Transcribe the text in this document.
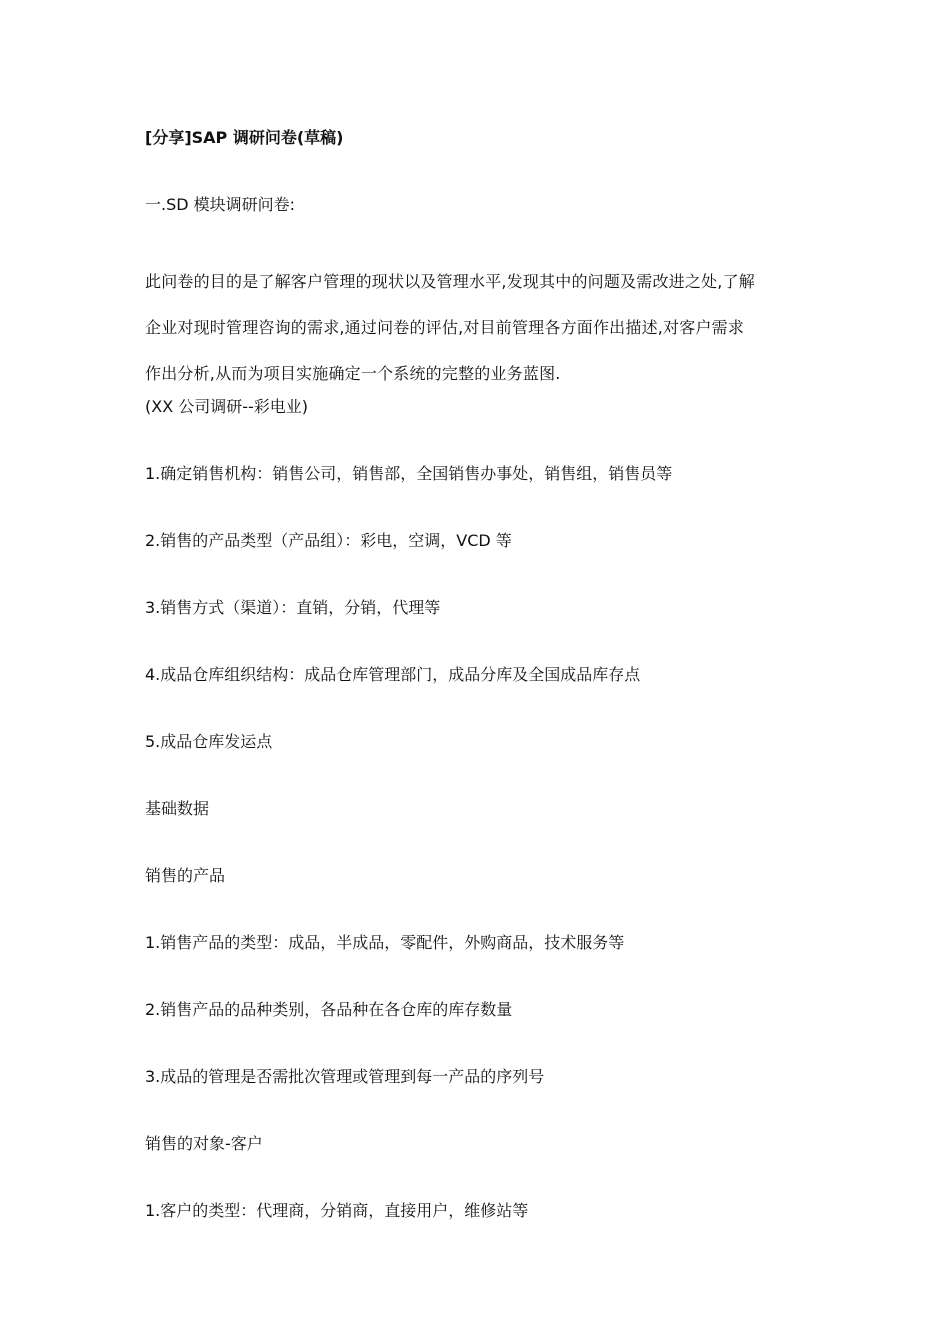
[分享]SAP 调研问卷(草稿)

一.SD 模块调研问卷:

此问卷的目的是了解客户管理的现状以及管理水平,发现其中的问题及需改进之处,了解
企业对现时管理咨询的需求,通过问卷的评估,对目前管理各方面作出描述,对客户需求
作出分析,从而为项目实施确定一个系统的完整的业务蓝图.

(XX 公司调研--彩电业)

1.确定销售机构：销售公司，销售部，全国销售办事处，销售组，销售员等

2.销售的产品类型（产品组）：彩电，空调，VCD 等

3.销售方式（渠道）：直销，分销，代理等

4.成品仓库组织结构：成品仓库管理部门，成品分库及全国成品库存点

5.成品仓库发运点

基础数据

销售的产品

1.销售产品的类型：成品，半成品，零配件，外购商品，技术服务等

2.销售产品的品种类别，各品种在各仓库的库存数量

3.成品的管理是否需批次管理或管理到每一产品的序列号

销售的对象-客户

1.客户的类型：代理商，分销商，直接用户，维修站等
